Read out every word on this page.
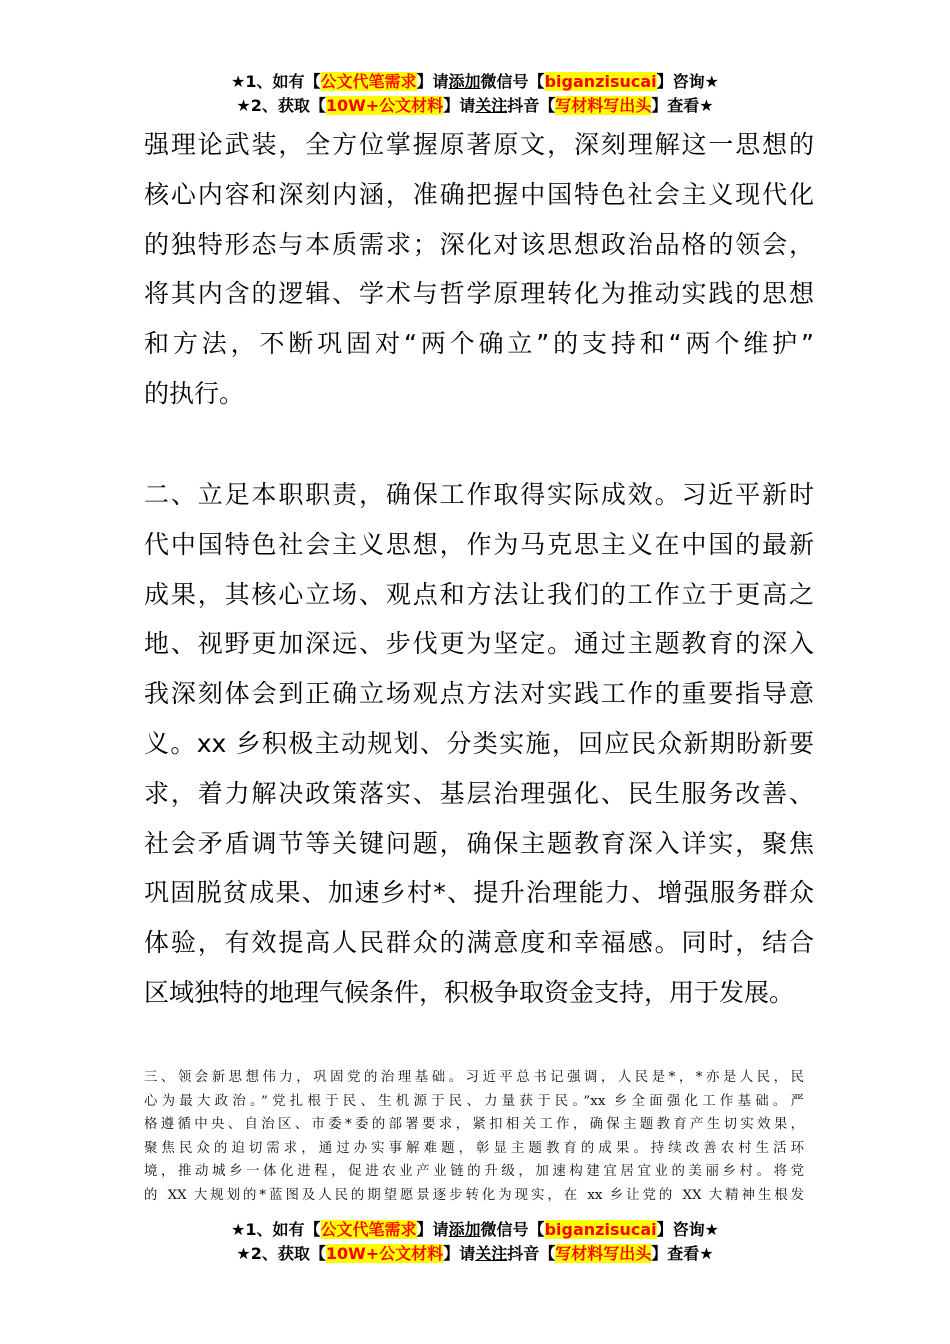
★1、如有【公文代笔需求】请添加微信号【biganzisucai】咨询★
★2、获取【10W+公文材料】请关注抖音【写材料写出头】查看★
强理论武装，全方位掌握原著原文，深刻理解这一思想的
核心内容和深刻内涵，准确把握中国特色社会主义现代化
的独特形态与本质需求；深化对该思想政治品格的领会，
将其内含的逻辑、学术与哲学原理转化为推动实践的思想
和方法，不断巩固对“两个确立”的支持和“两个维护”
的执行。
二、立足本职职责，确保工作取得实际成效。习近平新时
代中国特色社会主义思想，作为马克思主义在中国的最新
成果，其核心立场、观点和方法让我们的工作立于更高之
地、视野更加深远、步伐更为坚定。通过主题教育的深入
我深刻体会到正确立场观点方法对实践工作的重要指导意
义。xx 乡积极主动规划、分类实施，回应民众新期盼新要
求，着力解决政策落实、基层治理强化、民生服务改善、
社会矛盾调节等关键问题，确保主题教育深入详实，聚焦
巩固脱贫成果、加速乡村*、提升治理能力、增强服务群众
体验，有效提高人民群众的满意度和幸福感。同时，结合
区域独特的地理气候条件，积极争取资金支持，用于发展。
三、领会新思想伟力，巩固党的治理基础。习近平总书记强调，人民是*，*亦是人民，民
心为最大政治。”党扎根于民、生机源于民、力量获于民。”xx 乡全面强化工作基础。严
格遵循中央、自治区、市委*委的部署要求，紧扣相关工作，确保主题教育产生切实效果，
聚焦民众的迫切需求，通过办实事解难题，彰显主题教育的成果。持续改善农村生活环
境，推动城乡一体化进程，促进农业产业链的升级，加速构建宜居宜业的美丽乡村。将党
的 XX 大规划的*蓝图及人民的期望愿景逐步转化为现实，在 xx 乡让党的 XX 大精神生根发
★1、如有【公文代笔需求】请添加微信号【biganzisucai】咨询★
★2、获取【10W+公文材料】请关注抖音【写材料写出头】查看★
